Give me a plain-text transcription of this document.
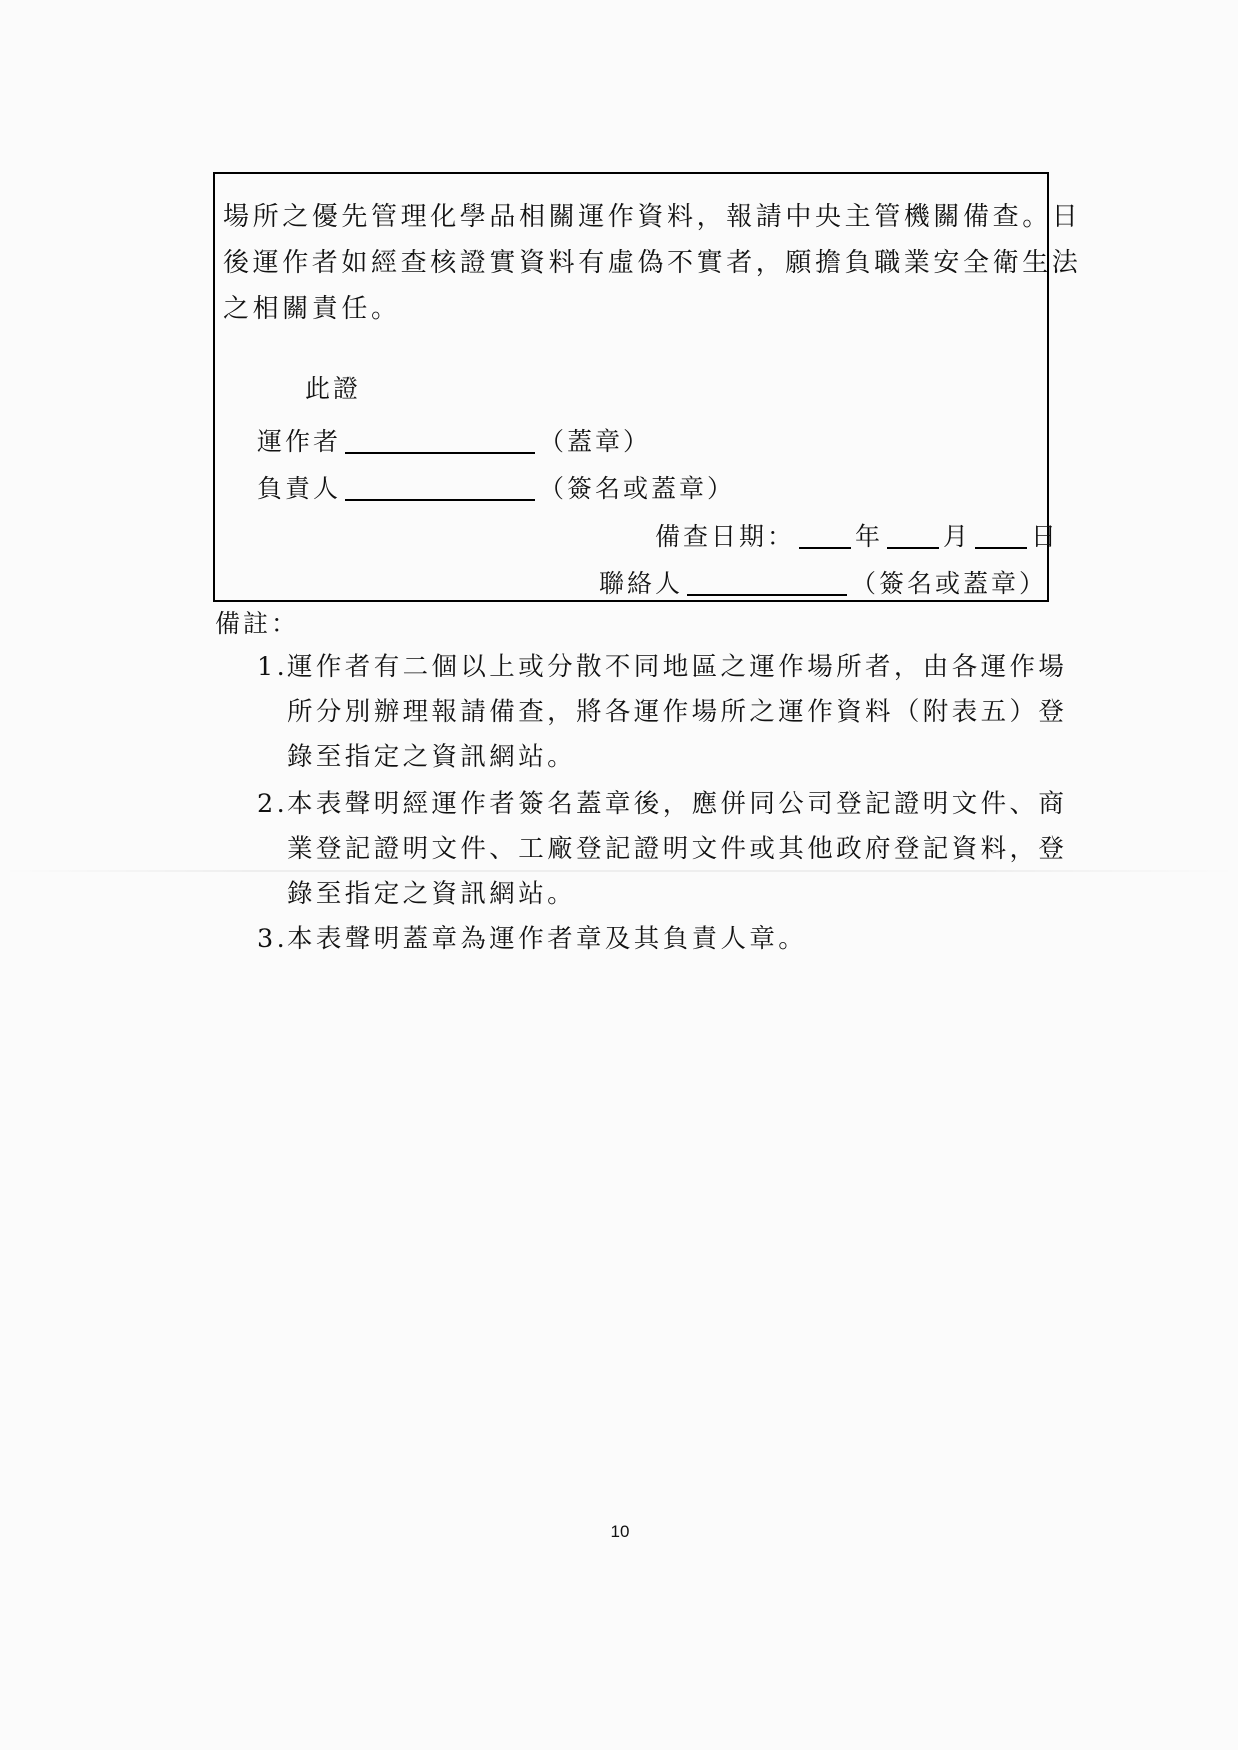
場所之優先管理化學品相關運作資料，報請中央主管機關備查。日
後運作者如經查核證實資料有虛偽不實者，願擔負職業安全衛生法
之相關責任。
此證
運作者	（蓋章）
負責人	（簽名或蓋章）
備查日期： 年 月 日
聯絡人	（簽名或蓋章）
備註：
1.
運作者有二個以上或分散不同地區之運作場所者，由各運作場
所分別辦理報請備查，將各運作場所之運作資料（附表五）登
錄至指定之資訊網站。
2.
本表聲明經運作者簽名蓋章後，應併同公司登記證明文件、商
業登記證明文件、工廠登記證明文件或其他政府登記資料，登
錄至指定之資訊網站。
3.
本表聲明蓋章為運作者章及其負責人章。
10
